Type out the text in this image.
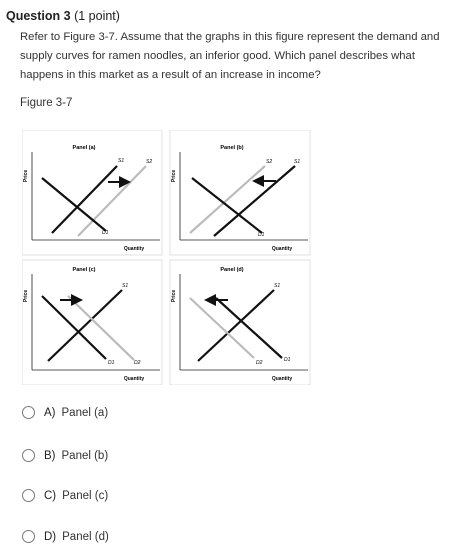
Question 3 (1 point)
Refer to Figure 3-7. Assume that the graphs in this figure represent the demand and supply curves for ramen noodles, an inferior good. Which panel describes what happens in this market as a result of an increase in income?
Figure 3-7
Panel (a)
Price
Quantity
S1	S2
D1
Panel (b)
Price
Quantity
S2	S1
D1
Panel (c)
Price
Quantity
S1
D1	D2
Panel (d)
Price
Quantity
S1
D2	D1
A) Panel (a)
B) Panel (b)
C) Panel (c)
D) Panel (d)
